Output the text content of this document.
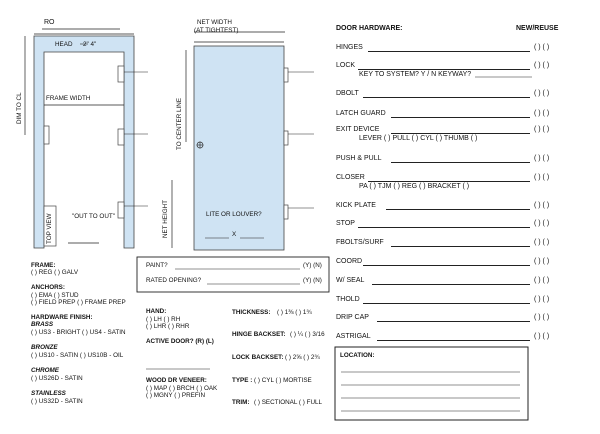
RO
HEAD 2" 4"
FRAME WIDTH
DIM TO CL
TOP VIEW	"OUT TO OUT"
NET WIDTH
(AT TIGHTEST)
TO CENTER LINE
NET HEIGHT	LITE OR LOUVER?
X
PAINT?	(Y) (N)
RATED OPENING?	(Y) (N)
FRAME:
( ) REG ( ) GALV
ANCHORS:
( ) EMA ( ) STUD
( ) FIELD PREP ( ) FRAME PREP
HARDWARE FINISH:
BRASS
( ) US3 - BRIGHT ( ) US4 - SATIN
BRONZE
( ) US10 - SATIN ( ) US10B - OIL
CHROME
( ) US26D - SATIN
STAINLESS
( ) US32D - SATIN
HAND:
( ) LH ( ) RH
( ) LHR ( ) RHR
ACTIVE DOOR? (R) (L)
WOOD DR VENEER:
( ) MAP ( ) BRCH ( ) OAK
( ) MGNY ( ) PREFIN
THICKNESS: ( ) 1⅜ ( ) 1¾
HINGE BACKSET: ( ) ¼ ( ) 3/16
LOCK BACKSET: ( ) 2⅝ ( ) 2¾
TYPE : ( ) CYL ( ) MORTISE
TRIM: ( ) SECTIONAL ( ) FULL
DOOR HARDWARE:	NEW/REUSE
HINGES	( ) ( )
LOCK	( ) ( )
KEY TO SYSTEM? Y / N KEYWAY?
DBOLT	( ) ( )
LATCH GUARD	( ) ( )
EXIT DEVICE	( ) ( )
LEVER ( ) PULL ( ) CYL ( ) THUMB ( )
PUSH & PULL	( ) ( )
CLOSER	( ) ( )
PA ( ) TJM ( ) REG ( ) BRACKET ( )
KICK PLATE	( ) ( )
STOP	( ) ( )
FBOLTS/SURF	( ) ( )
COORD	( ) ( )
W/ SEAL	( ) ( )
THOLD	( ) ( )
DRIP CAP	( ) ( )
ASTRIGAL	( ) ( )
LOCATION:
